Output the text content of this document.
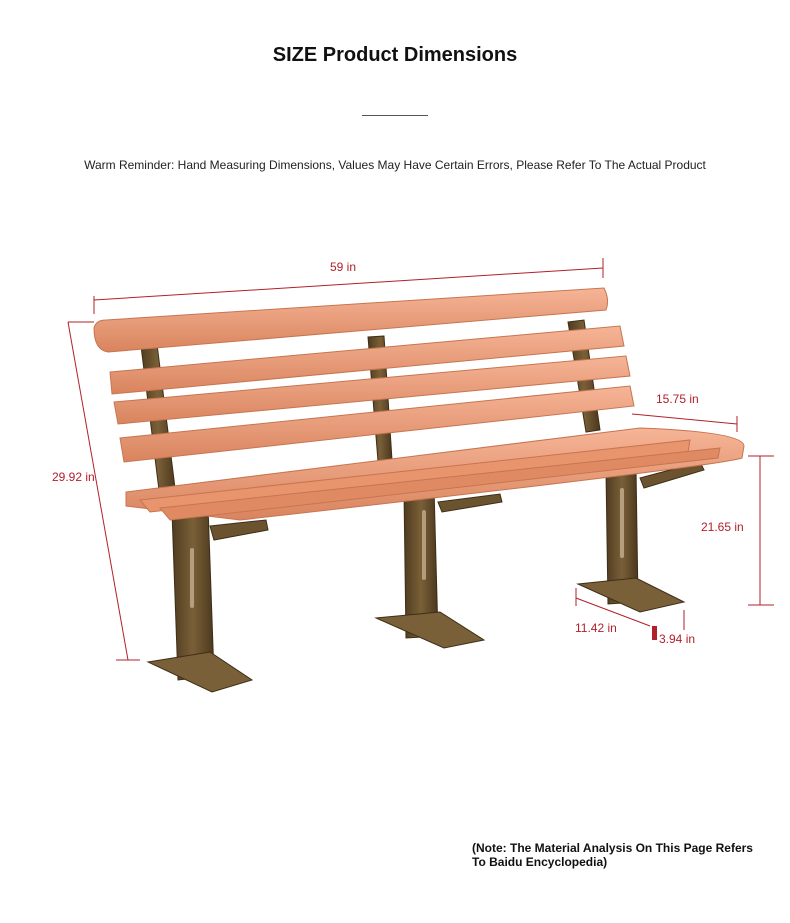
SIZE Product Dimensions
Warm Reminder: Hand Measuring Dimensions, Values May Have Certain Errors, Please Refer To The Actual Product
59 in
29.92 in
15.75 in
21.65 in
11.42 in
3.94 in
(Note: The Material Analysis On This Page Refers
To Baidu Encyclopedia)
